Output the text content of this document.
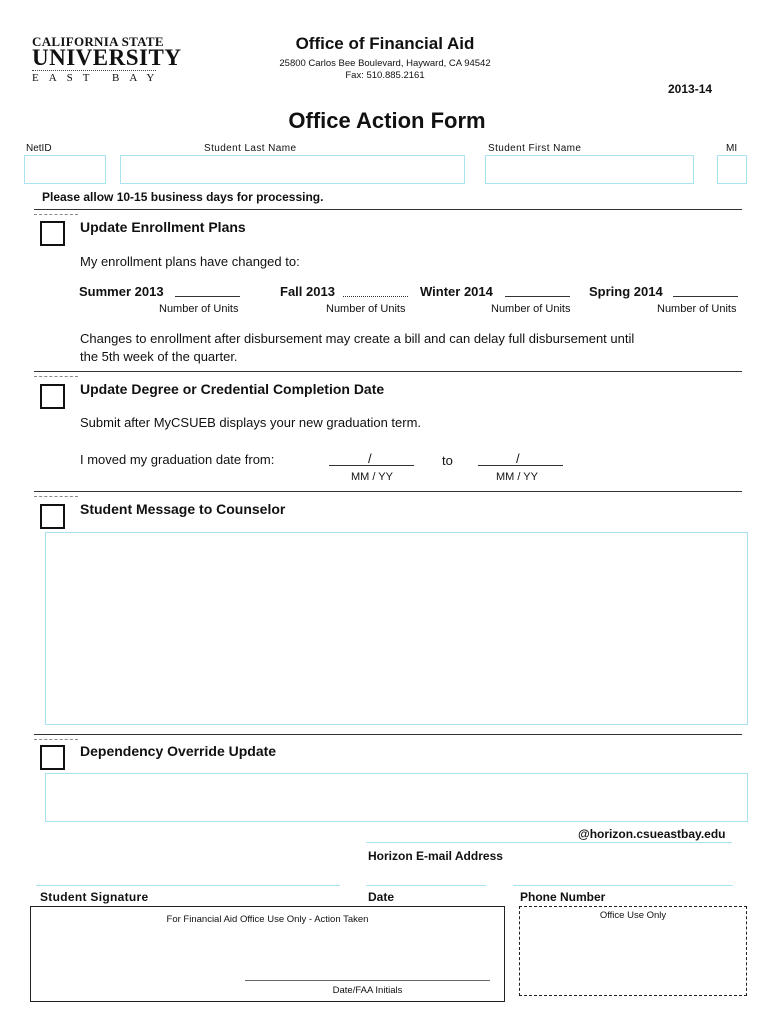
CALIFORNIA STATE
UNIVERSITY
EAST BAY
Office of Financial Aid
25800 Carlos Bee Boulevard, Hayward, CA 94542
Fax: 510.885.2161
2013-14
Office Action Form
NetID	Student Last Name	Student First Name	MI
Please allow 10-15 business days for processing.
Update Enrollment Plans
My enrollment plans have changed to:
Summer 2013
Number of Units
Fall 2013
Number of Units
Winter 2014
Number of Units
Spring 2014
Number of Units
Changes to enrollment after disbursement may create a bill and can delay full disbursement until
the 5th week of the quarter.
Update Degree or Credential Completion Date
Submit after MyCSUEB displays your new graduation term.
I moved my graduation date from:	/
MM / YY
to	/
MM / YY
Student Message to Counselor
Dependency Override Update
@horizon.csueastbay.edu
Horizon E-mail Address
Student Signature	Date	Phone Number
For Financial Aid Office Use Only - Action Taken
Date/FAA Initials
Office Use Only
